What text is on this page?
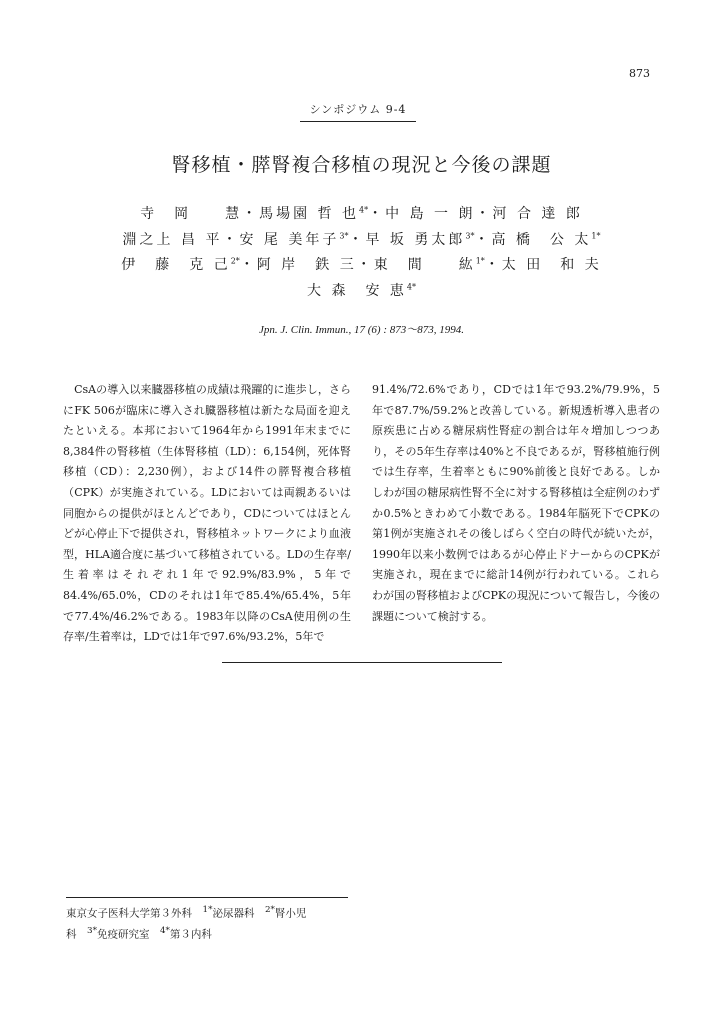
873
シンポジウム 9-4
腎移植・膵腎複合移植の現況と今後の課題
寺　岡　　慧・馬場園 哲 也$^{4*}$・中 島 一 朗・河 合 達 郎
淵之上 昌 平・安 尾 美年子$^{3*}$・早 坂 勇太郎$^{3*}$・高 橋　公 太$^{1*}$
伊　藤　克 己$^{2*}$・阿 岸　鉄 三・東　間　　紘$^{1*}$・太 田　和 夫
大 森　安 恵$^{4*}$
Jpn. J. Clin. Immun., 17 (6) : 873〜873, 1994.

　CsAの導入以来臓器移植の成績は飛躍的に進歩し，さらにFK 506が臨床に導入され臓器移植は新たな局面を迎えたといえる。本邦において1964年から1991年末までに8,384件の腎移植（生体腎移植（LD）：6,154例，死体腎移植（CD）：2,230例），および14件の膵腎複合移植（CPK）が実施されている。LDにおいては両親あるいは同胞からの提供がほとんどであり，CDについてはほとんどが心停止下で提供され，腎移植ネットワークにより血液型，HLA適合度に基づいて移植されている。LDの生存率/生着率はそれぞれ1年で92.9%/83.9%，5年で84.4%/65.0%，CDのそれは1年で85.4%/65.4%，5年で77.4%/46.2%である。1983年以降のCsA使用例の生存率/生着率は，LDでは1年で97.6%/93.2%，5年で

91.4%/72.6%であり，CDでは1年で93.2%/79.9%，5年で87.7%/59.2%と改善している。新規透析導入患者の原疾患に占める糖尿病性腎症の割合は年々増加しつつあり，その5年生存率は40%と不良であるが，腎移植施行例では生存率，生着率ともに90%前後と良好である。しかしわが国の糖尿病性腎不全に対する腎移植は全症例のわずか0.5%ときわめて小数である。1984年脳死下でCPKの第1例が実施されその後しばらく空白の時代が続いたが，1990年以来小数例ではあるが心停止ドナーからのCPKが実施され，現在までに総計14例が行われている。これらわが国の腎移植およびCPKの現況について報告し，今後の課題について検討する。

東京女子医科大学第３外科　$^{1*}$泌尿器科　$^{2*}$腎小児
科　$^{3*}$免疫研究室　$^{4*}$第３内科
